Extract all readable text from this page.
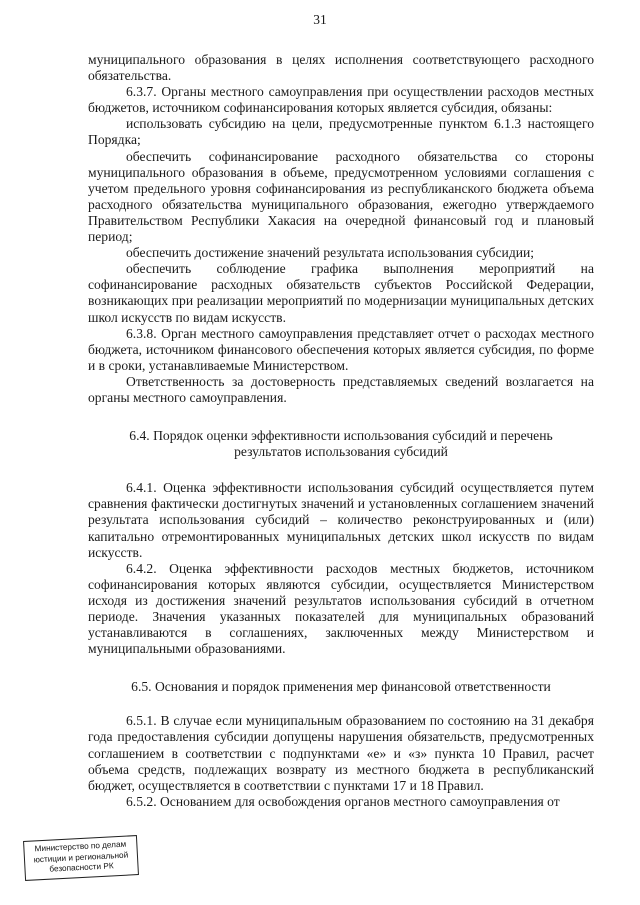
31

муниципального образования в целях исполнения соответствующего расходного обязательства.

6.3.7. Органы местного самоуправления при осуществлении расходов местных бюджетов, источником софинансирования которых является субсидия, обязаны:

использовать субсидию на цели, предусмотренные пунктом 6.1.3 настоящего Порядка;

обеспечить софинансирование расходного обязательства со стороны муниципального образования в объеме, предусмотренном условиями соглашения с учетом предельного уровня софинансирования из республиканского бюджета объема расходного обязательства муниципального образования, ежегодно утверждаемого Правительством Республики Хакасия на очередной финансовый год и плановый период;

обеспечить достижение значений результата использования субсидии;

обеспечить соблюдение графика выполнения мероприятий на софинансирование расходных обязательств субъектов Российской Федерации, возникающих при реализации мероприятий по модернизации муниципальных детских школ искусств по видам искусств.

6.3.8. Орган местного самоуправления представляет отчет о расходах местного бюджета, источником финансового обеспечения которых является субсидия, по форме и в сроки, устанавливаемые Министерством.

Ответственность за достоверность представляемых сведений возлагается на органы местного самоуправления.

6.4. Порядок оценки эффективности использования субсидий и перечень результатов использования субсидий

6.4.1. Оценка эффективности использования субсидий осуществляется путем сравнения фактически достигнутых значений и установленных соглашением значений результата использования субсидий – количество реконструированных и (или) капитально отремонтированных муниципальных детских школ искусств по видам искусств.

6.4.2. Оценка эффективности расходов местных бюджетов, источником софинансирования которых являются субсидии, осуществляется Министерством исходя из достижения значений результатов использования субсидий в отчетном периоде. Значения указанных показателей для муниципальных образований устанавливаются в соглашениях, заключенных между Министерством и муниципальными образованиями.

6.5. Основания и порядок применения мер финансовой ответственности

6.5.1. В случае если муниципальным образованием по состоянию на 31 декабря года предоставления субсидии допущены нарушения обязательств, предусмотренных соглашением в соответствии с подпунктами «е» и «з» пункта 10 Правил, расчет объема средств, подлежащих возврату из местного бюджета в республиканский бюджет, осуществляется в соответствии с пунктами 17 и 18 Правил.

6.5.2. Основанием для освобождения органов местного самоуправления от

Министерство по делам
юстиции и региональной
безопасности РК
